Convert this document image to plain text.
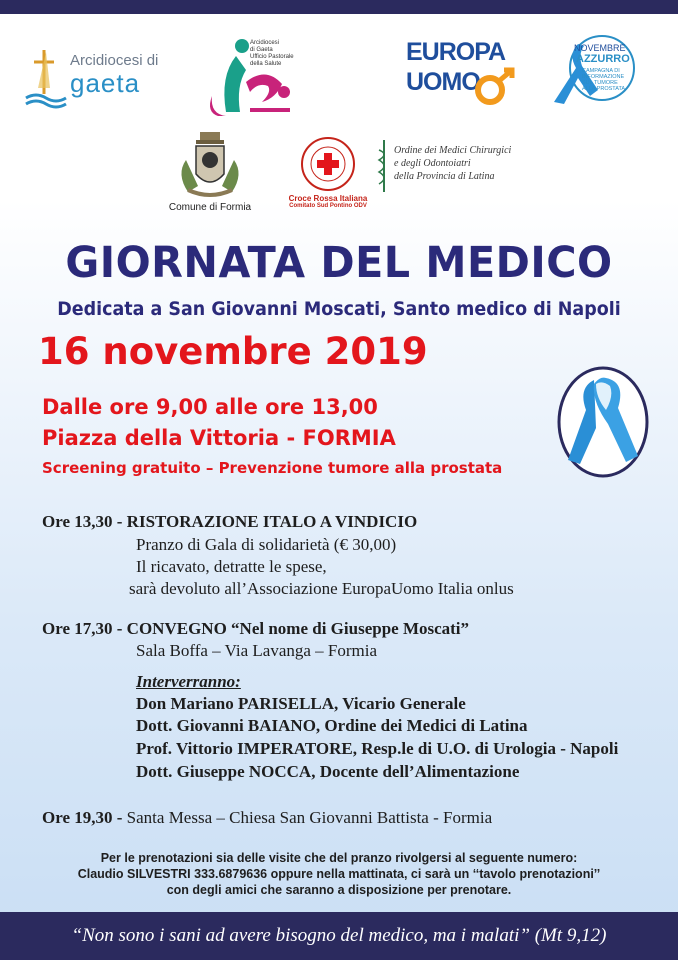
Arcidiocesi di
gaeta
Arcidiocesi
di Gaeta
Ufficio Pastorale
della Salute	EUROPA
UOMO
NOVEMBRE
AZZURRO
CAMPAGNA DI INFORMAZIONE SUL TUMORE ALLA PROSTATA
Comune di Formia
Croce Rossa Italiana
Comitato Sud Pontino ODV
Ordine dei Medici Chirurgici
e degli Odontoiatri
della Provincia di Latina
GIORNATA DEL MEDICO
Dedicata a San Giovanni Moscati, Santo medico di Napoli
16 novembre 2019
Dalle ore 9,00 alle ore 13,00
Piazza della Vittoria - FORMIA
Screening gratuito – Prevenzione tumore alla prostata
Ore 13,30 - RISTORAZIONE ITALO A VINDICIO
Pranzo di Gala di solidarietà (€ 30,00)
Il ricavato, detratte le spese,
sarà devoluto all’Associazione EuropaUomo Italia onlus
Ore 17,30 - CONVEGNO “Nel nome di Giuseppe Moscati”
Sala Boffa – Via Lavanga – Formia
Interverranno:
Don Mariano PARISELLA, Vicario Generale
Dott. Giovanni BAIANO, Ordine dei Medici di Latina
Prof. Vittorio IMPERATORE, Resp.le di U.O. di Urologia - Napoli
Dott. Giuseppe NOCCA, Docente dell’Alimentazione
Ore 19,30 - Santa Messa – Chiesa San Giovanni Battista - Formia
Per le prenotazioni sia delle visite che del pranzo rivolgersi al seguente numero:
Claudio SILVESTRI 333.6879636 oppure nella mattinata, ci sarà un ‘‘tavolo prenotazioni’’
con degli amici che saranno a disposizione per prenotare.
“Non sono i sani ad avere bisogno del medico, ma i malati” (Mt 9,12)
